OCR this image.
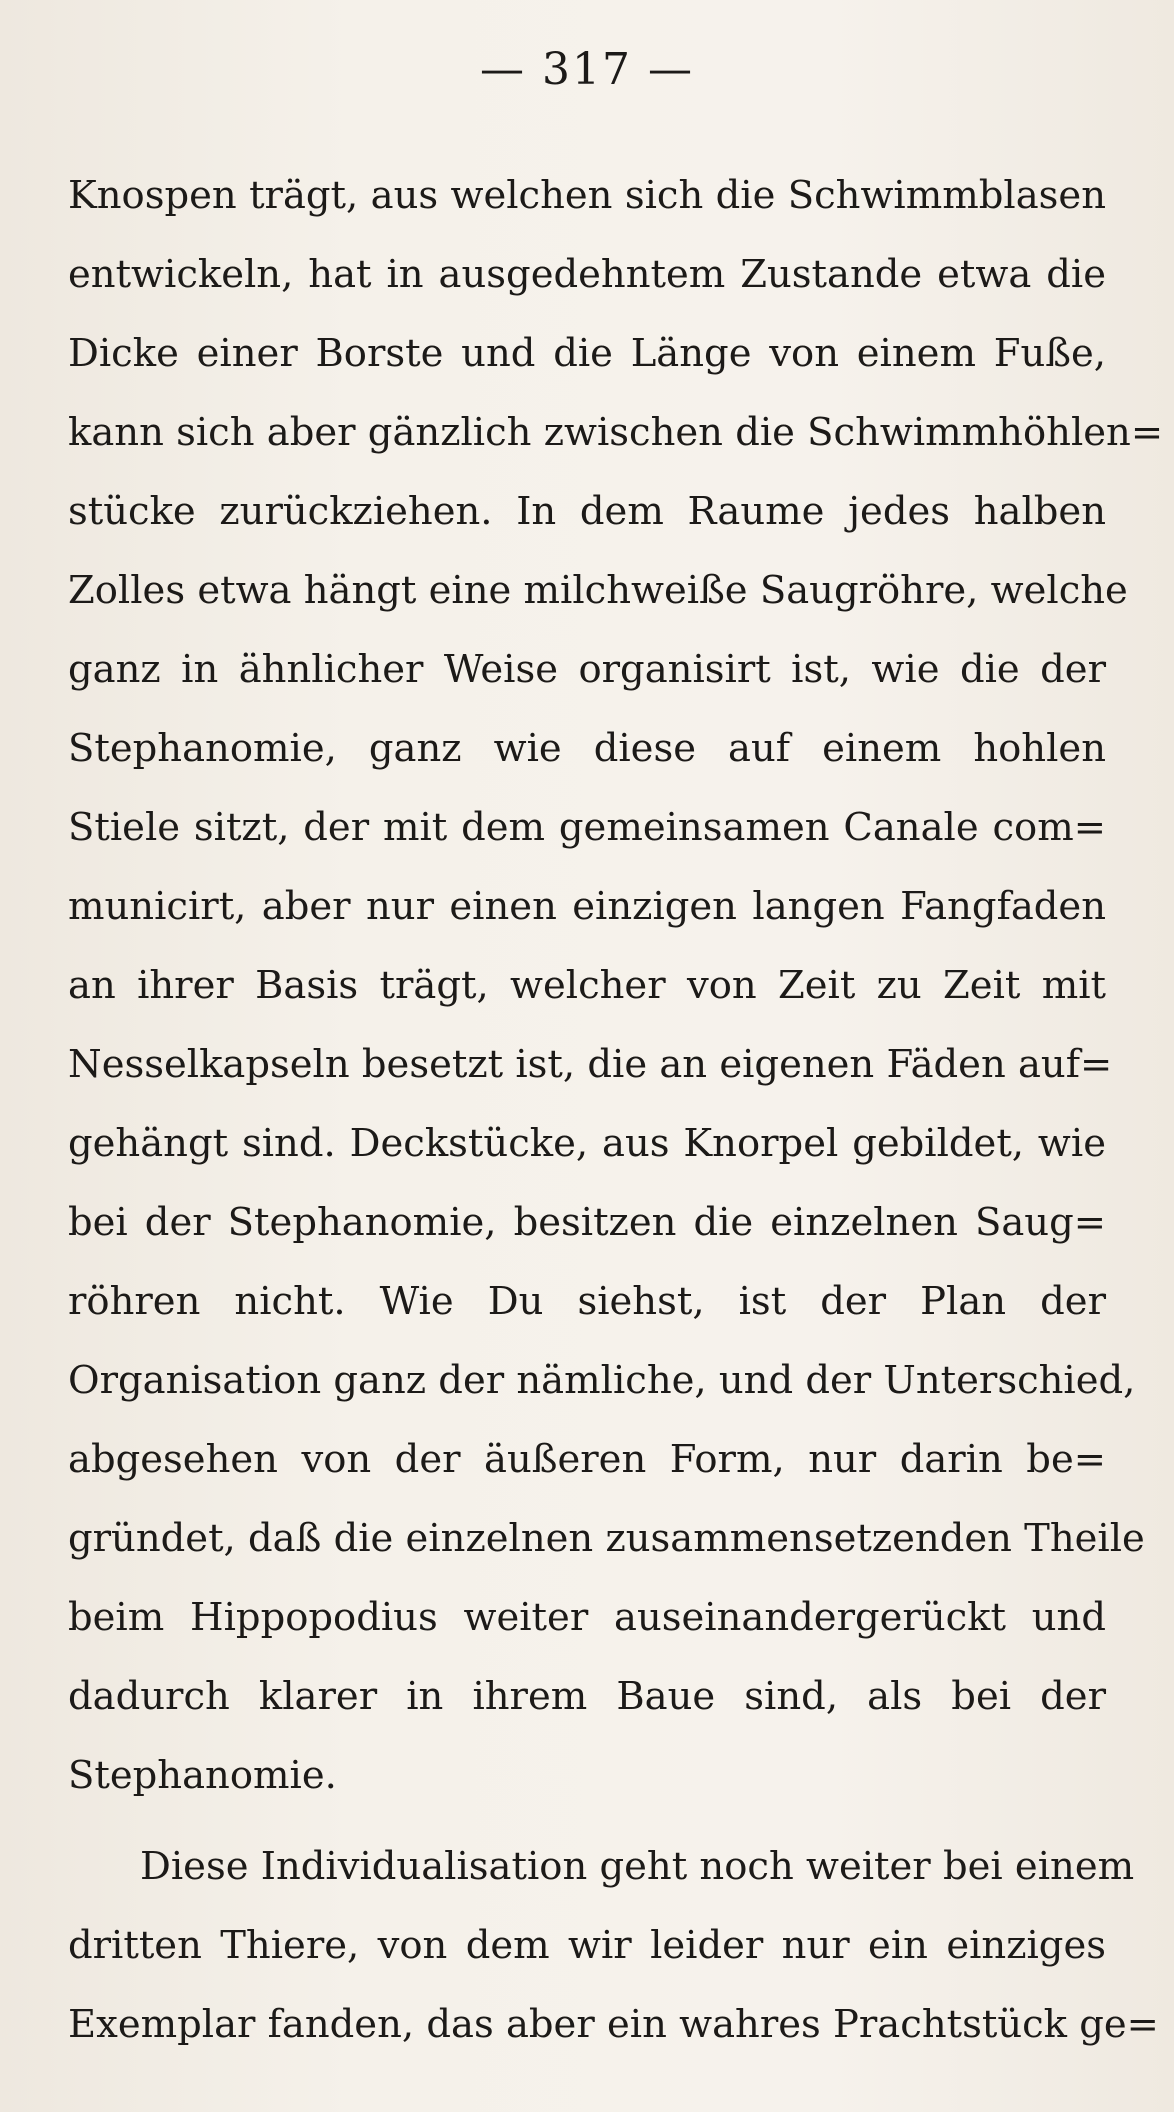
— 317 —
Knospen trägt, aus welchen sich die Schwimmblasen
entwickeln, hat in ausgedehntem Zustande etwa die
Dicke einer Borste und die Länge von einem Fuße,
kann sich aber gänzlich zwischen die Schwimmhöhlen=
stücke zurückziehen. In dem Raume jedes halben
Zolles etwa hängt eine milchweiße Saugröhre, welche
ganz in ähnlicher Weise organisirt ist, wie die der
Stephanomie, ganz wie diese auf einem hohlen
Stiele sitzt, der mit dem gemeinsamen Canale com=
municirt, aber nur einen einzigen langen Fangfaden
an ihrer Basis trägt, welcher von Zeit zu Zeit mit
Nesselkapseln besetzt ist, die an eigenen Fäden auf=
gehängt sind. Deckstücke, aus Knorpel gebildet, wie
bei der Stephanomie, besitzen die einzelnen Saug=
röhren nicht. Wie Du siehst, ist der Plan der
Organisation ganz der nämliche, und der Unterschied,
abgesehen von der äußeren Form, nur darin be=
gründet, daß die einzelnen zusammensetzenden Theile
beim Hippopodius weiter auseinandergerückt und
dadurch klarer in ihrem Baue sind, als bei der
Stephanomie.
Diese Individualisation geht noch weiter bei einem
dritten Thiere, von dem wir leider nur ein einziges
Exemplar fanden, das aber ein wahres Prachtstück ge=
